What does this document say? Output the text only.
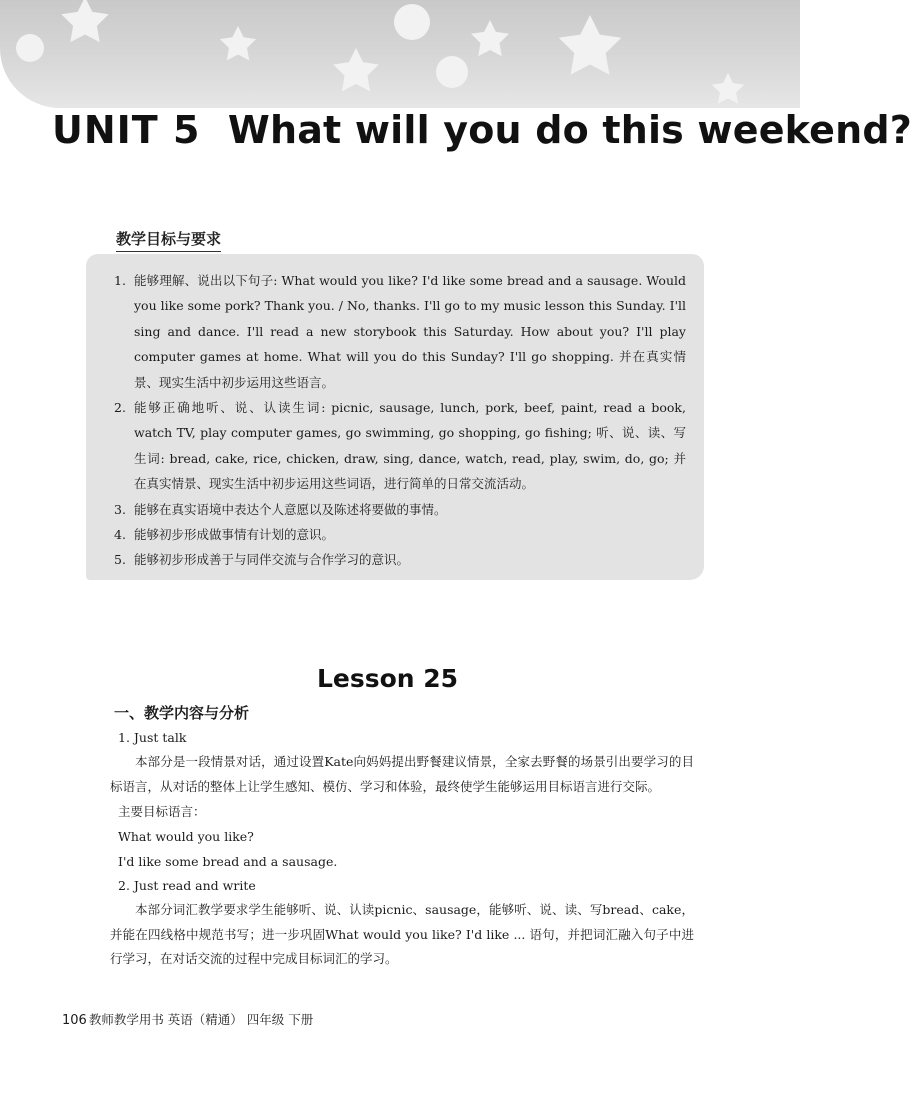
UNIT 5 What will you do this weekend?
教学目标与要求
1. 能够理解、说出以下句子: What would you like? I'd like some bread and a sausage. Would you like some pork? Thank you. / No, thanks. I'll go to my music lesson this Sunday. I'll sing and dance. I'll read a new storybook this Saturday. How about you? I'll play computer games at home. What will you do this Sunday? I'll go shopping. 并在真实情景、现实生活中初步运用这些语言。
2. 能够正确地听、说、认读生词: picnic, sausage, lunch, pork, beef, paint, read a book, watch TV, play computer games, go swimming, go shopping, go fishing; 听、说、读、写生词: bread, cake, rice, chicken, draw, sing, dance, watch, read, play, swim, do, go; 并在真实情景、现实生活中初步运用这些词语，进行简单的日常交流活动。
3. 能够在真实语境中表达个人意愿以及陈述将要做的事情。
4. 能够初步形成做事情有计划的意识。
5. 能够初步形成善于与同伴交流与合作学习的意识。
Lesson 25
一、教学内容与分析
1. Just talk
本部分是一段情景对话，通过设置Kate向妈妈提出野餐建议情景，全家去野餐的场景引出要学习的目标语言，从对话的整体上让学生感知、模仿、学习和体验，最终使学生能够运用目标语言进行交际。
主要目标语言：
What would you like?
I'd like some bread and a sausage.
2. Just read and write
本部分词汇教学要求学生能够听、说、认读picnic、sausage，能够听、说、读、写bread、cake，并能在四线格中规范书写；进一步巩固What would you like? I'd like ... 语句，并把词汇融入句子中进行学习，在对话交流的过程中完成目标词汇的学习。
106 教师教学用书 英语（精通） 四年级 下册
